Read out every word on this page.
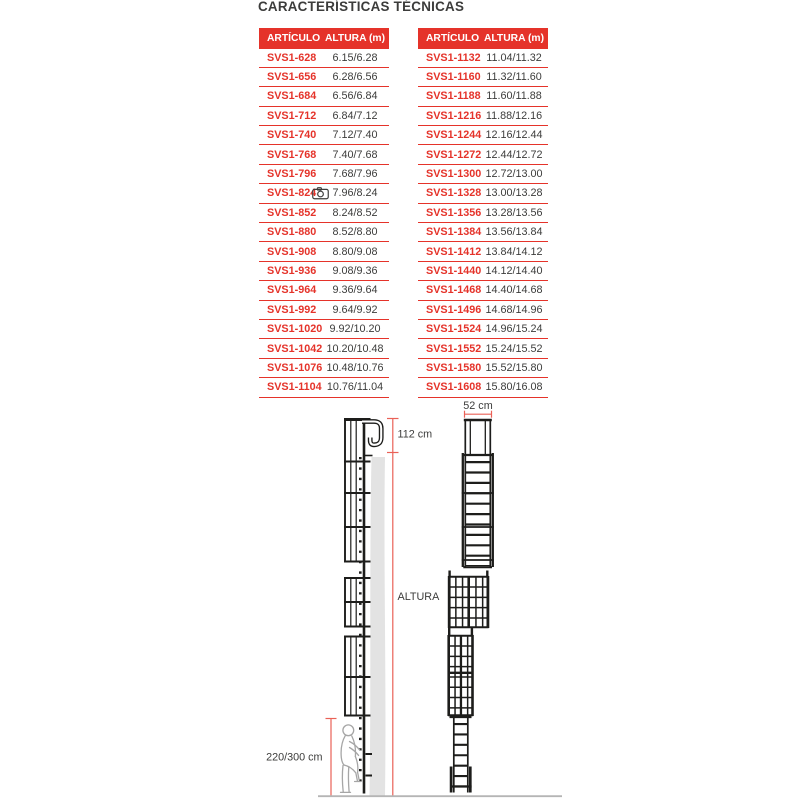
CARACTERÍSTICAS TÉCNICAS
ARTÍCULO ALTURA (m)
SVS1-628	6.15/6.28
SVS1-656	6.28/6.56
SVS1-684	6.56/6.84
SVS1-712	6.84/7.12
SVS1-740	7.12/7.40
SVS1-768	7.40/7.68
SVS1-796	7.68/7.96
SVS1-824	7.96/8.24
SVS1-852	8.24/8.52
SVS1-880	8.52/8.80
SVS1-908	8.80/9.08
SVS1-936	9.08/9.36
SVS1-964	9.36/9.64
SVS1-992	9.64/9.92
SVS1-1020 9.92/10.20
SVS1-1042 10.20/10.48
SVS1-1076 10.48/10.76
SVS1-1104 10.76/11.04
ARTÍCULO ALTURA (m)
SVS1-1132 11.04/11.32
SVS1-1160 11.32/11.60
SVS1-1188 11.60/11.88
SVS1-1216 11.88/12.16
SVS1-1244 12.16/12.44
SVS1-1272 12.44/12.72
SVS1-1300 12.72/13.00
SVS1-1328 13.00/13.28
SVS1-1356 13.28/13.56
SVS1-1384 13.56/13.84
SVS1-1412 13.84/14.12
SVS1-1440 14.12/14.40
SVS1-1468 14.40/14.68
SVS1-1496 14.68/14.96
SVS1-1524 14.96/15.24
SVS1-1552 15.24/15.52
SVS1-1580 15.52/15.80
SVS1-1608 15.80/16.08
112 cm
ALTURA
220/300 cm
52 cm
